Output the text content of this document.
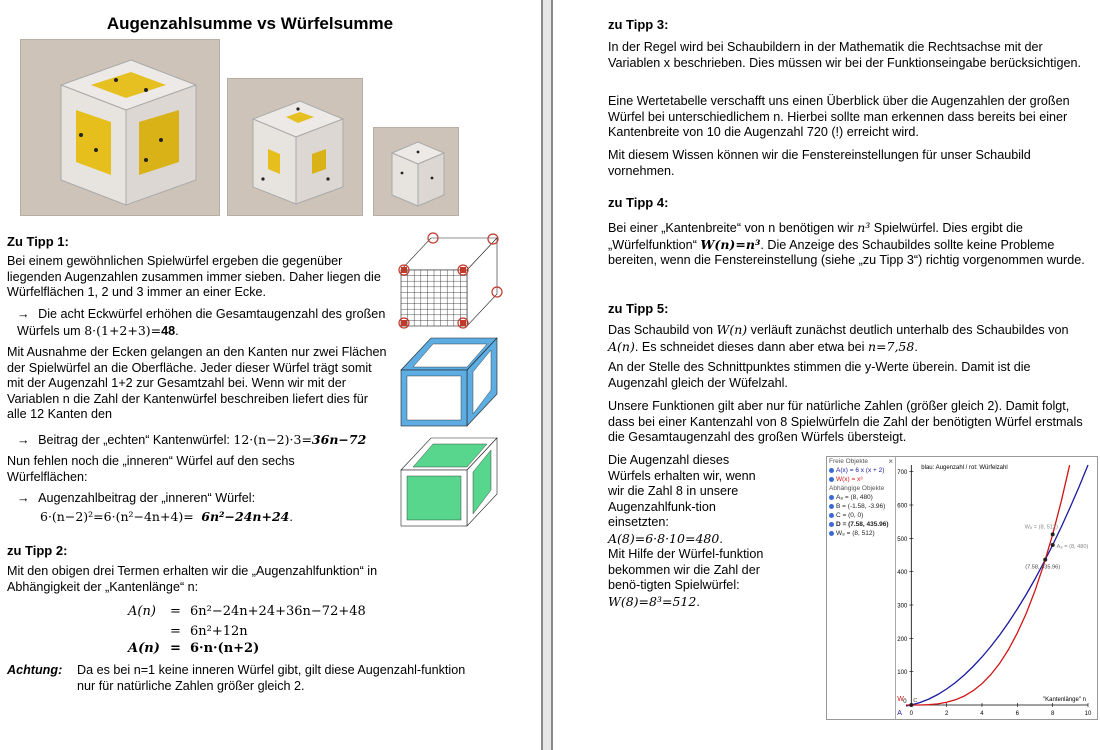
Augenzahlsumme vs Würfelsumme
Zu Tipp 1:

Bei einem gewöhnlichen Spielwürfel ergeben die gegenüber liegenden Augenzahlen zusammen immer sieben. Daher liegen die Würfelflächen 1, 2 und 3 immer an einer Ecke.

→ Die acht Eckwürfel erhöhen die Gesamtaugenzahl des großen Würfels um 8·(1+2+3)=48.

Mit Ausnahme der Ecken gelangen an den Kanten nur zwei Flächen der Spielwürfel an die Oberfläche. Jeder dieser Würfel trägt somit mit der Augenzahl 1+2 zur Gesamtzahl bei. Wenn wir mit der Variablen n die Zahl der Kantenwürfel beschreiben liefert dies für alle 12 Kanten den

→ Beitrag der „echten“ Kantenwürfel: 12·(n−2)·3=36n−72

Nun fehlen noch die „inneren“ Würfel auf den sechs Würfelflächen:

→ Augenzahlbeitrag der „inneren“ Würfel:
6·(n−2)²=6·(n²−4n+4)= 6n²−24n+24.
zu Tipp 2:

Mit den obigen drei Termen erhalten wir die „Augenzahlfunktion“ in Abhängigkeit der „Kantenlänge“ n:

A(n) = 6n²−24n+24+36n−72+48
= 6n²+12n
A(n) = 6·n·(n+2)
Achtung: Da es bei n=1 keine inneren Würfel gibt, gilt diese Augenzahl-funktion nur für natürliche Zahlen größer gleich 2.

zu Tipp 3:

In der Regel wird bei Schaubildern in der Mathematik die Rechtsachse mit der Variablen x beschrieben. Dies müssen wir bei der Funktionseingabe berücksichtigen.

Eine Wertetabelle verschafft uns einen Überblick über die Augenzahlen der großen Würfel bei unterschiedlichem n. Hierbei sollte man erkennen dass bereits bei einer Kantenbreite von 10 die Augenzahl 720 (!) erreicht wird.

Mit diesem Wissen können wir die Fenstereinstellungen für unser Schaubild vornehmen.

zu Tipp 4:

Bei einer „Kantenbreite“ von n benötigen wir n³ Spielwürfel. Dies ergibt die „Würfelfunktion“ W(n)=n³. Die Anzeige des Schaubildes sollte keine Probleme bereiten, wenn die Fenstereinstellung (siehe „zu Tipp 3“) richtig vorgenommen wurde.

zu Tipp 5:

Das Schaubild von W(n) verläuft zunächst deutlich unterhalb des Schaubildes von A(n). Es schneidet dieses dann aber etwa bei n=7,58.

An der Stelle des Schnittpunktes stimmen die y-Werte überein. Damit ist die Augenzahl gleich der Wüfelzahl.

Unsere Funktionen gilt aber nur für natürliche Zahlen (größer gleich 2). Damit folgt, dass bei einer Kantenzahl von 8 Spielwürfeln die Zahl der benötigten Würfel erstmals die Gesamtaugenzahl des großen Würfels übersteigt.

Die Augenzahl dieses Würfels erhalten wir, wenn wir die Zahl 8 in unsere Augenzahlfunk-tion einsetzten:
A(8)=6·8·10=480.
Mit Hilfe der Würfel-funktion bekommen wir die Zahl der benö-tigten Spielwürfel:
W(8)=8³=512.

×
Freie Objekte
A(x) = 6 x (x + 2)
W(x) = x³
Abhängige Objekte
A₈ = (8, 480)
B = (-1.58, -3.96)
C = (0, 0)
D = (7.58, 435.96)
W₈ = (8, 512)
100
200
300
400
500
600
700
0	2	4	6	8	10
blau: Augenzahl / rot: Würfelzahl
"Kantenlänge" n
W₈ = (8, 512)
A₈ = (8, 480)
(7.58, 435.96)
C
W
A
0
